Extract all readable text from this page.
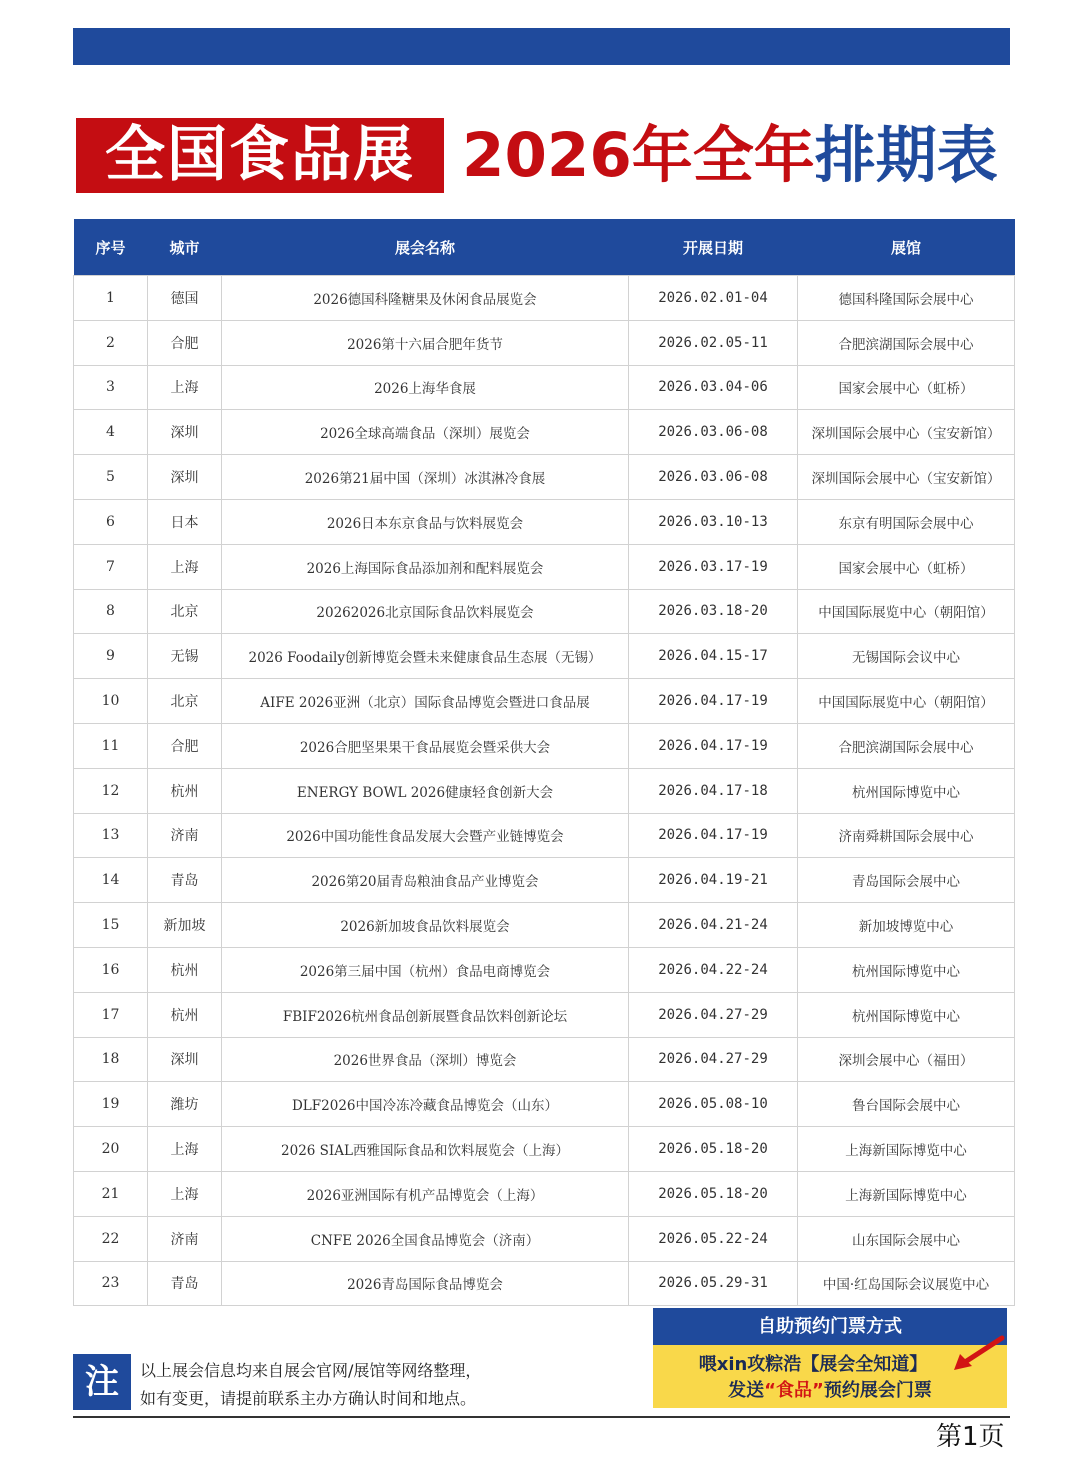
全国食品展 2026年全年排期表
序号	城市	展会名称	开展日期	展馆
1	德国	2026德国科隆糖果及休闲食品展览会	2026.02.01-04	德国科隆国际会展中心
2	合肥	2026第十六届合肥年货节	2026.02.05-11	合肥滨湖国际会展中心
3	上海	2026上海华食展	2026.03.04-06	国家会展中心（虹桥）
4	深圳	2026全球高端食品（深圳）展览会	2026.03.06-08	深圳国际会展中心（宝安新馆）
5	深圳	2026第21届中国（深圳）冰淇淋冷食展	2026.03.06-08	深圳国际会展中心（宝安新馆）
6	日本	2026日本东京食品与饮料展览会	2026.03.10-13	东京有明国际会展中心
7	上海	2026上海国际食品添加剂和配料展览会	2026.03.17-19	国家会展中心（虹桥）
8	北京	20262026北京国际食品饮料展览会	2026.03.18-20	中国国际展览中心（朝阳馆）
9	无锡	2026 Foodaily创新博览会暨未来健康食品生态展（无锡）	2026.04.15-17	无锡国际会议中心
10	北京	AIFE 2026亚洲（北京）国际食品博览会暨进口食品展	2026.04.17-19	中国国际展览中心（朝阳馆）
11	合肥	2026合肥坚果果干食品展览会暨采供大会	2026.04.17-19	合肥滨湖国际会展中心
12	杭州	ENERGY BOWL 2026健康轻食创新大会	2026.04.17-18	杭州国际博览中心
13	济南	2026中国功能性食品发展大会暨产业链博览会	2026.04.17-19	济南舜耕国际会展中心
14	青岛	2026第20届青岛粮油食品产业博览会	2026.04.19-21	青岛国际会展中心
15	新加坡	2026新加坡食品饮料展览会	2026.04.21-24	新加坡博览中心
16	杭州	2026第三届中国（杭州）食品电商博览会	2026.04.22-24	杭州国际博览中心
17	杭州	FBIF2026杭州食品创新展暨食品饮料创新论坛	2026.04.27-29	杭州国际博览中心
18	深圳	2026世界食品（深圳）博览会	2026.04.27-29	深圳会展中心（福田）
19	潍坊	DLF2026中国冷冻冷藏食品博览会（山东）	2026.05.08-10	鲁台国际会展中心
20	上海	2026 SIAL西雅国际食品和饮料展览会（上海）	2026.05.18-20	上海新国际博览中心
21	上海	2026亚洲国际有机产品博览会（上海）	2026.05.18-20	上海新国际博览中心
22	济南	CNFE 2026全国食品博览会（济南）	2026.05.22-24	山东国际会展中心
23	青岛	2026青岛国际食品博览会	2026.05.29-31	中国·红岛国际会议展览中心
注	以上展会信息均来自展会官网/展馆等网络整理，
如有变更，请提前联系主办方确认时间和地点。
自助预约门票方式
喂xin攻粽浩【展会全知道】
发送“食品”预约展会门票
第1页
